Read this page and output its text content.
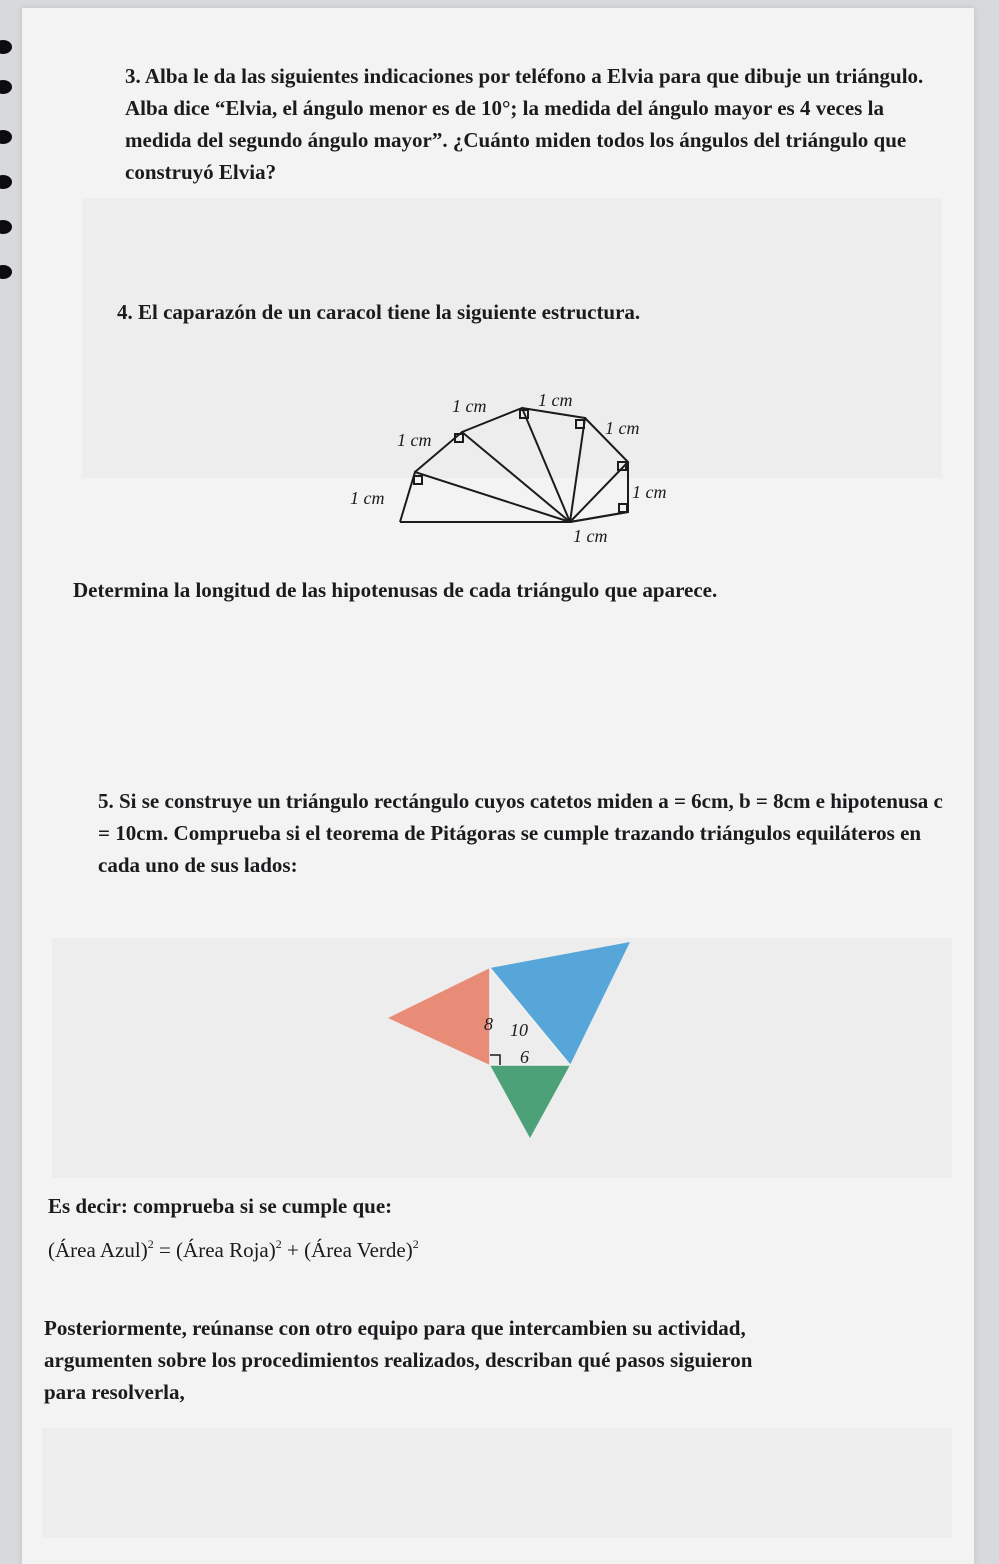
3. Alba le da las siguientes indicaciones por teléfono a Elvia para que dibuje un triángulo. Alba dice “Elvia, el ángulo menor es de 10°; la medida del ángulo mayor es 4 veces la medida del segundo ángulo mayor”. ¿Cuánto miden todos los ángulos del triángulo que construyó Elvia?

4. El caparazón de un caracol tiene la siguiente estructura.

1 cm
1 cm
1 cm	1 cm
1 cm
1 cm
1 cm
Determina la longitud de las hipotenusas de cada triángulo que aparece.

5. Si se construye un triángulo rectángulo cuyos catetos miden a = 6cm, b = 8cm e hipotenusa c = 10cm. Comprueba si el teorema de Pitágoras se cumple trazando triángulos equiláteros en cada uno de sus lados:

8 10
6
Es decir: comprueba si se cumple que:
(Área Azul)$^2$ = (Área Roja)$^2$ + (Área Verde)$^2$
Posteriormente, reúnanse con otro equipo para que intercambien su actividad,
argumenten sobre los procedimientos realizados, describan qué pasos siguieron
para resolverla,
